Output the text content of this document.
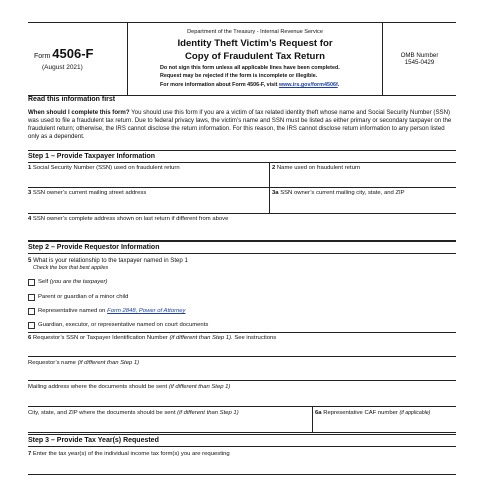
Form 4506-F
(August 2021)
Department of the Treasury - Internal Revenue Service
Identity Theft Victim’s Request for
Copy of Fraudulent Tax Return
Do not sign this form unless all applicable lines have been completed.
Request may be rejected if the form is incomplete or illegible.
For more information about Form 4506-F, visit www.irs.gov/form4506f.
OMB Number
1545-0429
Read this information first
When should I complete this form? You should use this form if you are a victim of tax related identity theft whose name and Social Security Number (SSN) was used to file a fraudulent tax return. Due to federal privacy laws, the victim’s name and SSN must be listed as either primary or secondary taxpayer on the fraudulent return; otherwise, the IRS cannot disclose the return information. For this reason, the IRS cannot disclose return information to any person listed only as a dependent.
Step 1 – Provide Taxpayer Information
1 Social Security Number (SSN) used on fraudulent return	2 Name used on fraudulent return
3 SSN owner’s current mailing street address	3a SSN owner’s current mailing city, state, and ZIP
4 SSN owner’s complete address shown on last return if different from above
Step 2 – Provide Requestor Information
5 What is your relationship to the taxpayer named in Step 1
Check the box that best applies
Self
(you are the taxpayer)
Parent or guardian of a minor child
Representative named on
Form 2848, Power of Attorney
Guardian, executor, or representative named on court documents
6 Requestor’s SSN or Taxpayer Identification Number (if different than Step 1). See instructions
Requestor’s name (if different than Step 1)
Mailing address where the documents should be sent (if different than Step 1)
City, state, and ZIP where the documents should be sent (if different than Step 1)	6a Representative CAF number (if applicable)
Step 3 – Provide Tax Year(s) Requested
7 Enter the tax year(s) of the individual income tax form(s) you are requesting
